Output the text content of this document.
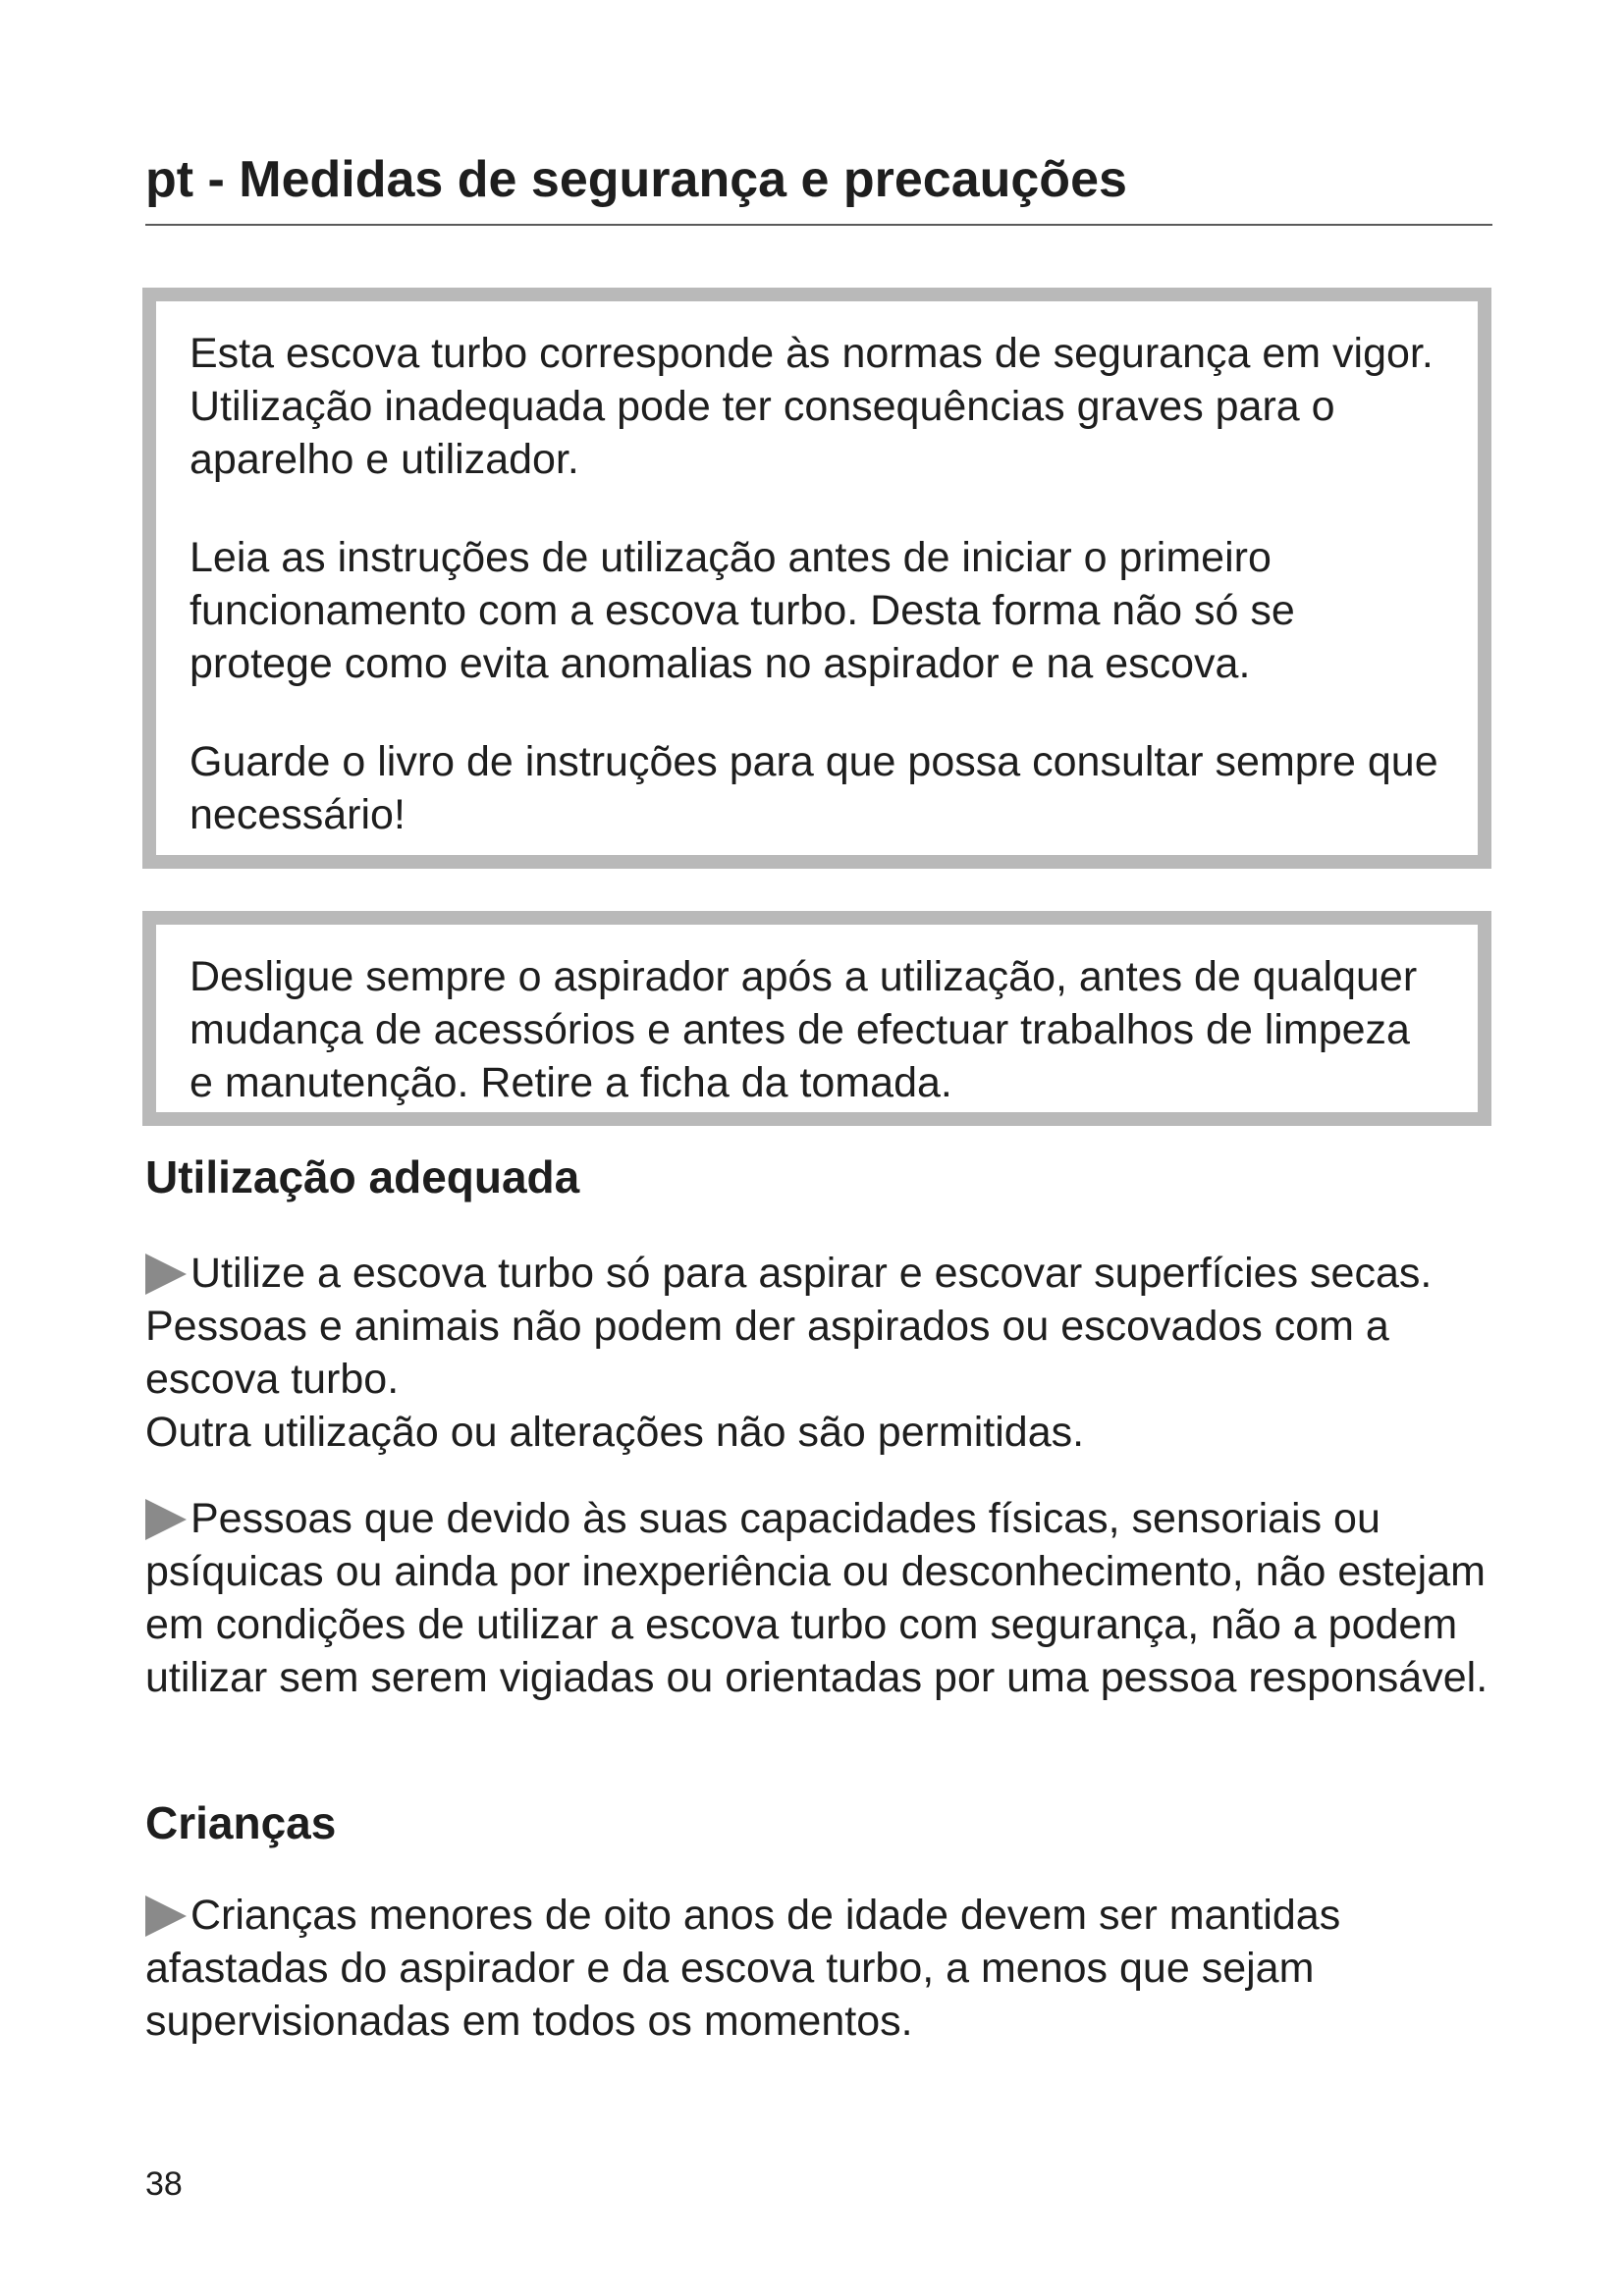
pt - Medidas de segurança e precauções

Esta escova turbo corresponde às normas de segurança em vigor. Utilização inadequada pode ter consequências graves para o aparelho e utilizador.

Leia as instruções de utilização antes de iniciar o primeiro funcionamento com a escova turbo. Desta forma não só se protege como evita anomalias no aspirador e na escova.

Guarde o livro de instruções para que possa consultar sempre que necessário!

Desligue sempre o aspirador após a utilização, antes de qualquer mudança de acessórios e antes de efectuar trabalhos de limpeza e manutenção. Retire a ficha da tomada.

Utilização adequada
Utilize a escova turbo só para aspirar e escovar superfícies secas. Pessoas e animais não podem der aspirados ou escovados com a escova turbo.
Outra utilização ou alterações não são permitidas.
Pessoas que devido às suas capacidades físicas, sensoriais ou psíquicas ou ainda por inexperiência ou desconhecimento, não estejam em condições de utilizar a escova turbo com segurança, não a podem utilizar sem serem vigiadas ou orientadas por uma pessoa responsável.
Crianças
Crianças menores de oito anos de idade devem ser mantidas afastadas do aspirador e da escova turbo, a menos que sejam supervisionadas em todos os momentos.
38
